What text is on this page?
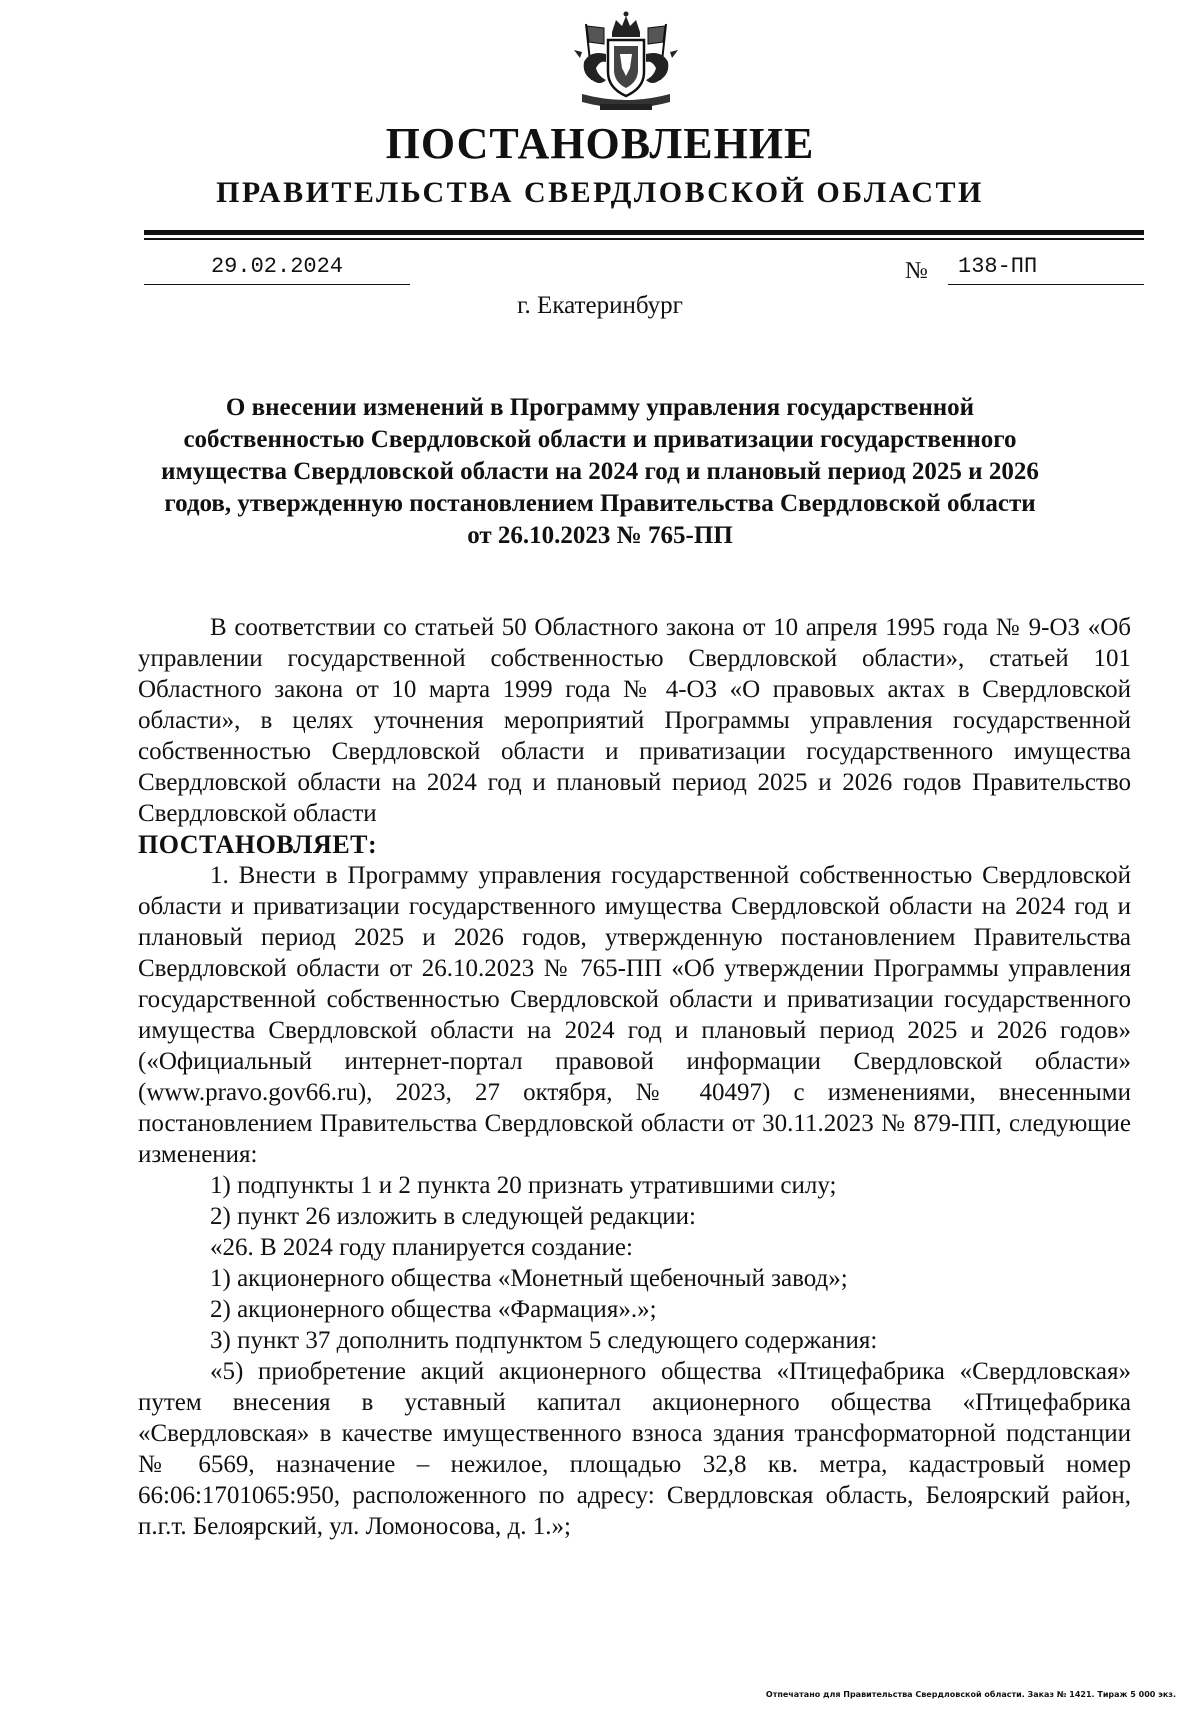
ПОСТАНОВЛЕНИЕ
ПРАВИТЕЛЬСТВА СВЕРДЛОВСКОЙ ОБЛАСТИ
29.02.2024	№	138-ПП
г. Екатеринбург
О внесении изменений в Программу управления государственной собственностью Свердловской области и приватизации государственного имущества Свердловской области на 2024 год и плановый период 2025 и 2026 годов, утвержденную постановлением Правительства Свердловской области от 26.10.2023 № 765-ПП

В соответствии со статьей 50 Областного закона от 10 апреля 1995 года № 9-ОЗ «Об управлении государственной собственностью Свердловской области», статьей 101 Областного закона от 10 марта 1999 года № 4-ОЗ «О правовых актах в Свердловской области», в целях уточнения мероприятий Программы управления государственной собственностью Свердловской области и приватизации государственного имущества Свердловской области на 2024 год и плановый период 2025 и 2026 годов Правительство Свердловской области

ПОСТАНОВЛЯЕТ:

1. Внести в Программу управления государственной собственностью Свердловской области и приватизации государственного имущества Свердловской области на 2024 год и плановый период 2025 и 2026 годов, утвержденную постановлением Правительства Свердловской области от 26.10.2023 № 765-ПП «Об утверждении Программы управления государственной собственностью Свердловской области и приватизации государственного имущества Свердловской области на 2024 год и плановый период 2025 и 2026 годов» («Официальный интернет-портал правовой информации Свердловской области» (www.pravo.gov66.ru), 2023, 27 октября, № 40497) с изменениями, внесенными постановлением Правительства Свердловской области от 30.11.2023 № 879-ПП, следующие изменения:

1) подпункты 1 и 2 пункта 20 признать утратившими силу;

2) пункт 26 изложить в следующей редакции:

«26. В 2024 году планируется создание:

1) акционерного общества «Монетный щебеночный завод»;

2) акционерного общества «Фармация».»;

3) пункт 37 дополнить подпунктом 5 следующего содержания:

«5) приобретение акций акционерного общества «Птицефабрика «Свердловская» путем внесения в уставный капитал акционерного общества «Птицефабрика «Свердловская» в качестве имущественного взноса здания трансформаторной подстанции № 6569, назначение – нежилое, площадью 32,8 кв. метра, кадастровый номер 66:06:1701065:950, расположенного по адресу: Свердловская область, Белоярский район, п.г.т. Белоярский, ул. Ломоносова, д. 1.»;

Отпечатано для Правительства Свердловской области. Заказ № 1421. Тираж 5 000 экз.
